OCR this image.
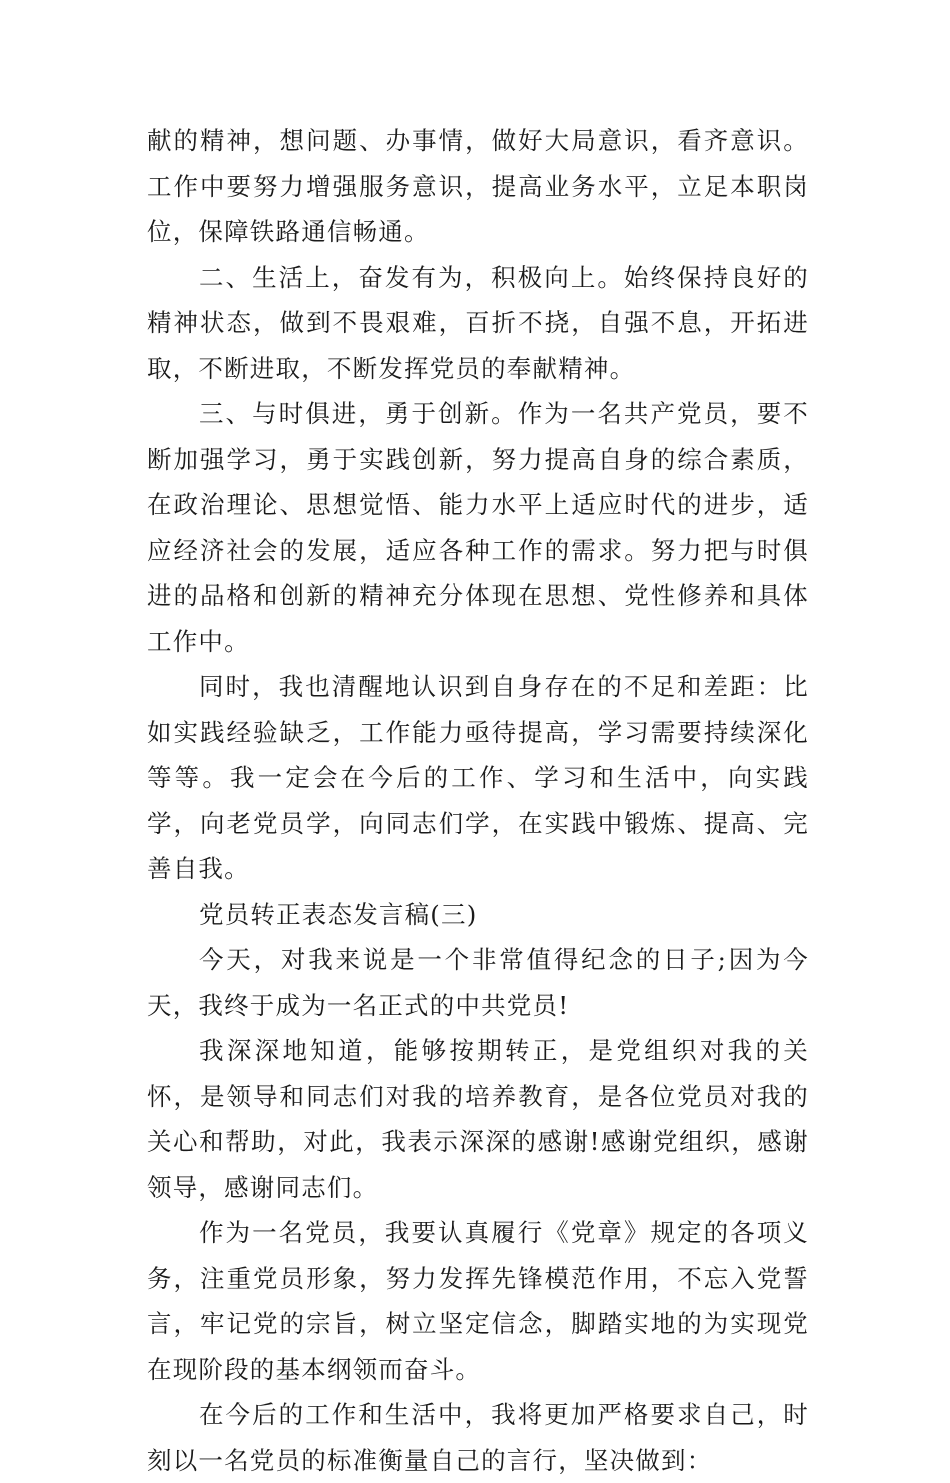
献的精神，想问题、办事情，做好大局意识，看齐意识。工作中要努力增强服务意识，提高业务水平，立足本职岗位，保障铁路通信畅通。

二、生活上，奋发有为，积极向上。始终保持良好的精神状态，做到不畏艰难，百折不挠，自强不息，开拓进取，不断进取，不断发挥党员的奉献精神。

三、与时俱进，勇于创新。作为一名共产党员，要不断加强学习，勇于实践创新，努力提高自身的综合素质，在政治理论、思想觉悟、能力水平上适应时代的进步，适应经济社会的发展，适应各种工作的需求。努力把与时俱进的品格和创新的精神充分体现在思想、党性修养和具体工作中。

同时，我也清醒地认识到自身存在的不足和差距：比如实践经验缺乏，工作能力亟待提高，学习需要持续深化等等。我一定会在今后的工作、学习和生活中，向实践学，向老党员学，向同志们学，在实践中锻炼、提高、完善自我。

党员转正表态发言稿(三)

今天，对我来说是一个非常值得纪念的日子;因为今天，我终于成为一名正式的中共党员!

我深深地知道，能够按期转正，是党组织对我的关怀，是领导和同志们对我的培养教育，是各位党员对我的关心和帮助，对此，我表示深深的感谢!感谢党组织，感谢领导，感谢同志们。

作为一名党员，我要认真履行《党章》规定的各项义务，注重党员形象，努力发挥先锋模范作用，不忘入党誓言，牢记党的宗旨，树立坚定信念，脚踏实地的为实现党在现阶段的基本纲领而奋斗。

在今后的工作和生活中，我将更加严格要求自己，时刻以一名党员的标准衡量自己的言行，坚决做到：
